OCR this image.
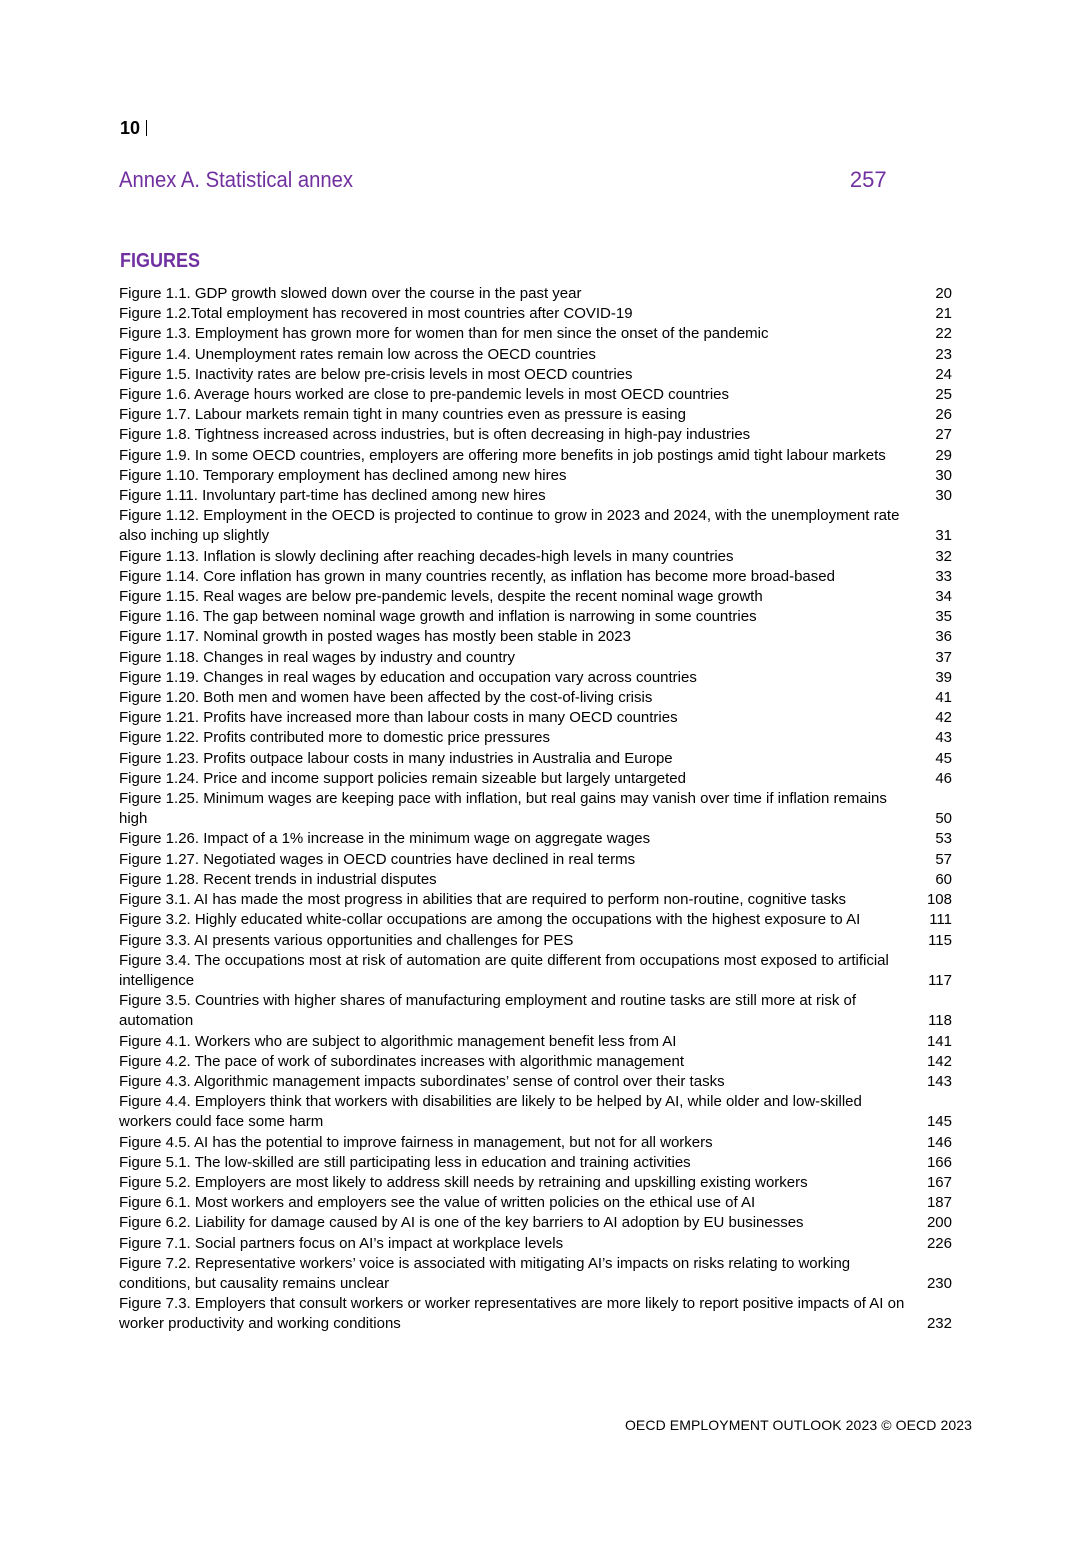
10
Annex A. Statistical annex	257
FIGURES
Figure 1.1. GDP growth slowed down over the course in the past year	20
Figure 1.2.Total employment has recovered in most countries after COVID-19	21
Figure 1.3. Employment has grown more for women than for men since the onset of the pandemic	22
Figure 1.4. Unemployment rates remain low across the OECD countries	23
Figure 1.5. Inactivity rates are below pre-crisis levels in most OECD countries	24
Figure 1.6. Average hours worked are close to pre-pandemic levels in most OECD countries	25
Figure 1.7. Labour markets remain tight in many countries even as pressure is easing	26
Figure 1.8. Tightness increased across industries, but is often decreasing in high-pay industries	27
Figure 1.9. In some OECD countries, employers are offering more benefits in job postings amid tight labour markets	29
Figure 1.10. Temporary employment has declined among new hires	30
Figure 1.11. Involuntary part-time has declined among new hires	30
Figure 1.12. Employment in the OECD is projected to continue to grow in 2023 and 2024, with the unemployment rate also inching up slightly	31
Figure 1.13. Inflation is slowly declining after reaching decades-high levels in many countries	32
Figure 1.14. Core inflation has grown in many countries recently, as inflation has become more broad-based	33
Figure 1.15. Real wages are below pre-pandemic levels, despite the recent nominal wage growth	34
Figure 1.16. The gap between nominal wage growth and inflation is narrowing in some countries	35
Figure 1.17. Nominal growth in posted wages has mostly been stable in 2023	36
Figure 1.18. Changes in real wages by industry and country	37
Figure 1.19. Changes in real wages by education and occupation vary across countries	39
Figure 1.20. Both men and women have been affected by the cost-of-living crisis	41
Figure 1.21. Profits have increased more than labour costs in many OECD countries	42
Figure 1.22. Profits contributed more to domestic price pressures	43
Figure 1.23. Profits outpace labour costs in many industries in Australia and Europe	45
Figure 1.24. Price and income support policies remain sizeable but largely untargeted	46
Figure 1.25. Minimum wages are keeping pace with inflation, but real gains may vanish over time if inflation remains high	50
Figure 1.26. Impact of a 1% increase in the minimum wage on aggregate wages	53
Figure 1.27. Negotiated wages in OECD countries have declined in real terms	57
Figure 1.28. Recent trends in industrial disputes	60
Figure 3.1. AI has made the most progress in abilities that are required to perform non-routine, cognitive tasks	108
Figure 3.2. Highly educated white-collar occupations are among the occupations with the highest exposure to AI	111
Figure 3.3. AI presents various opportunities and challenges for PES	115
Figure 3.4. The occupations most at risk of automation are quite different from occupations most exposed to artificial intelligence	117
Figure 3.5. Countries with higher shares of manufacturing employment and routine tasks are still more at risk of automation	118
Figure 4.1. Workers who are subject to algorithmic management benefit less from AI	141
Figure 4.2. The pace of work of subordinates increases with algorithmic management	142
Figure 4.3. Algorithmic management impacts subordinates’ sense of control over their tasks	143
Figure 4.4. Employers think that workers with disabilities are likely to be helped by AI, while older and low-skilled workers could face some harm	145
Figure 4.5. AI has the potential to improve fairness in management, but not for all workers	146
Figure 5.1. The low-skilled are still participating less in education and training activities	166
Figure 5.2. Employers are most likely to address skill needs by retraining and upskilling existing workers	167
Figure 6.1. Most workers and employers see the value of written policies on the ethical use of AI	187
Figure 6.2. Liability for damage caused by AI is one of the key barriers to AI adoption by EU businesses	200
Figure 7.1. Social partners focus on AI’s impact at workplace levels	226
Figure 7.2. Representative workers’ voice is associated with mitigating AI’s impacts on risks relating to working conditions, but causality remains unclear	230
Figure 7.3. Employers that consult workers or worker representatives are more likely to report positive impacts of AI on worker productivity and working conditions	232
OECD EMPLOYMENT OUTLOOK 2023 © OECD 2023
